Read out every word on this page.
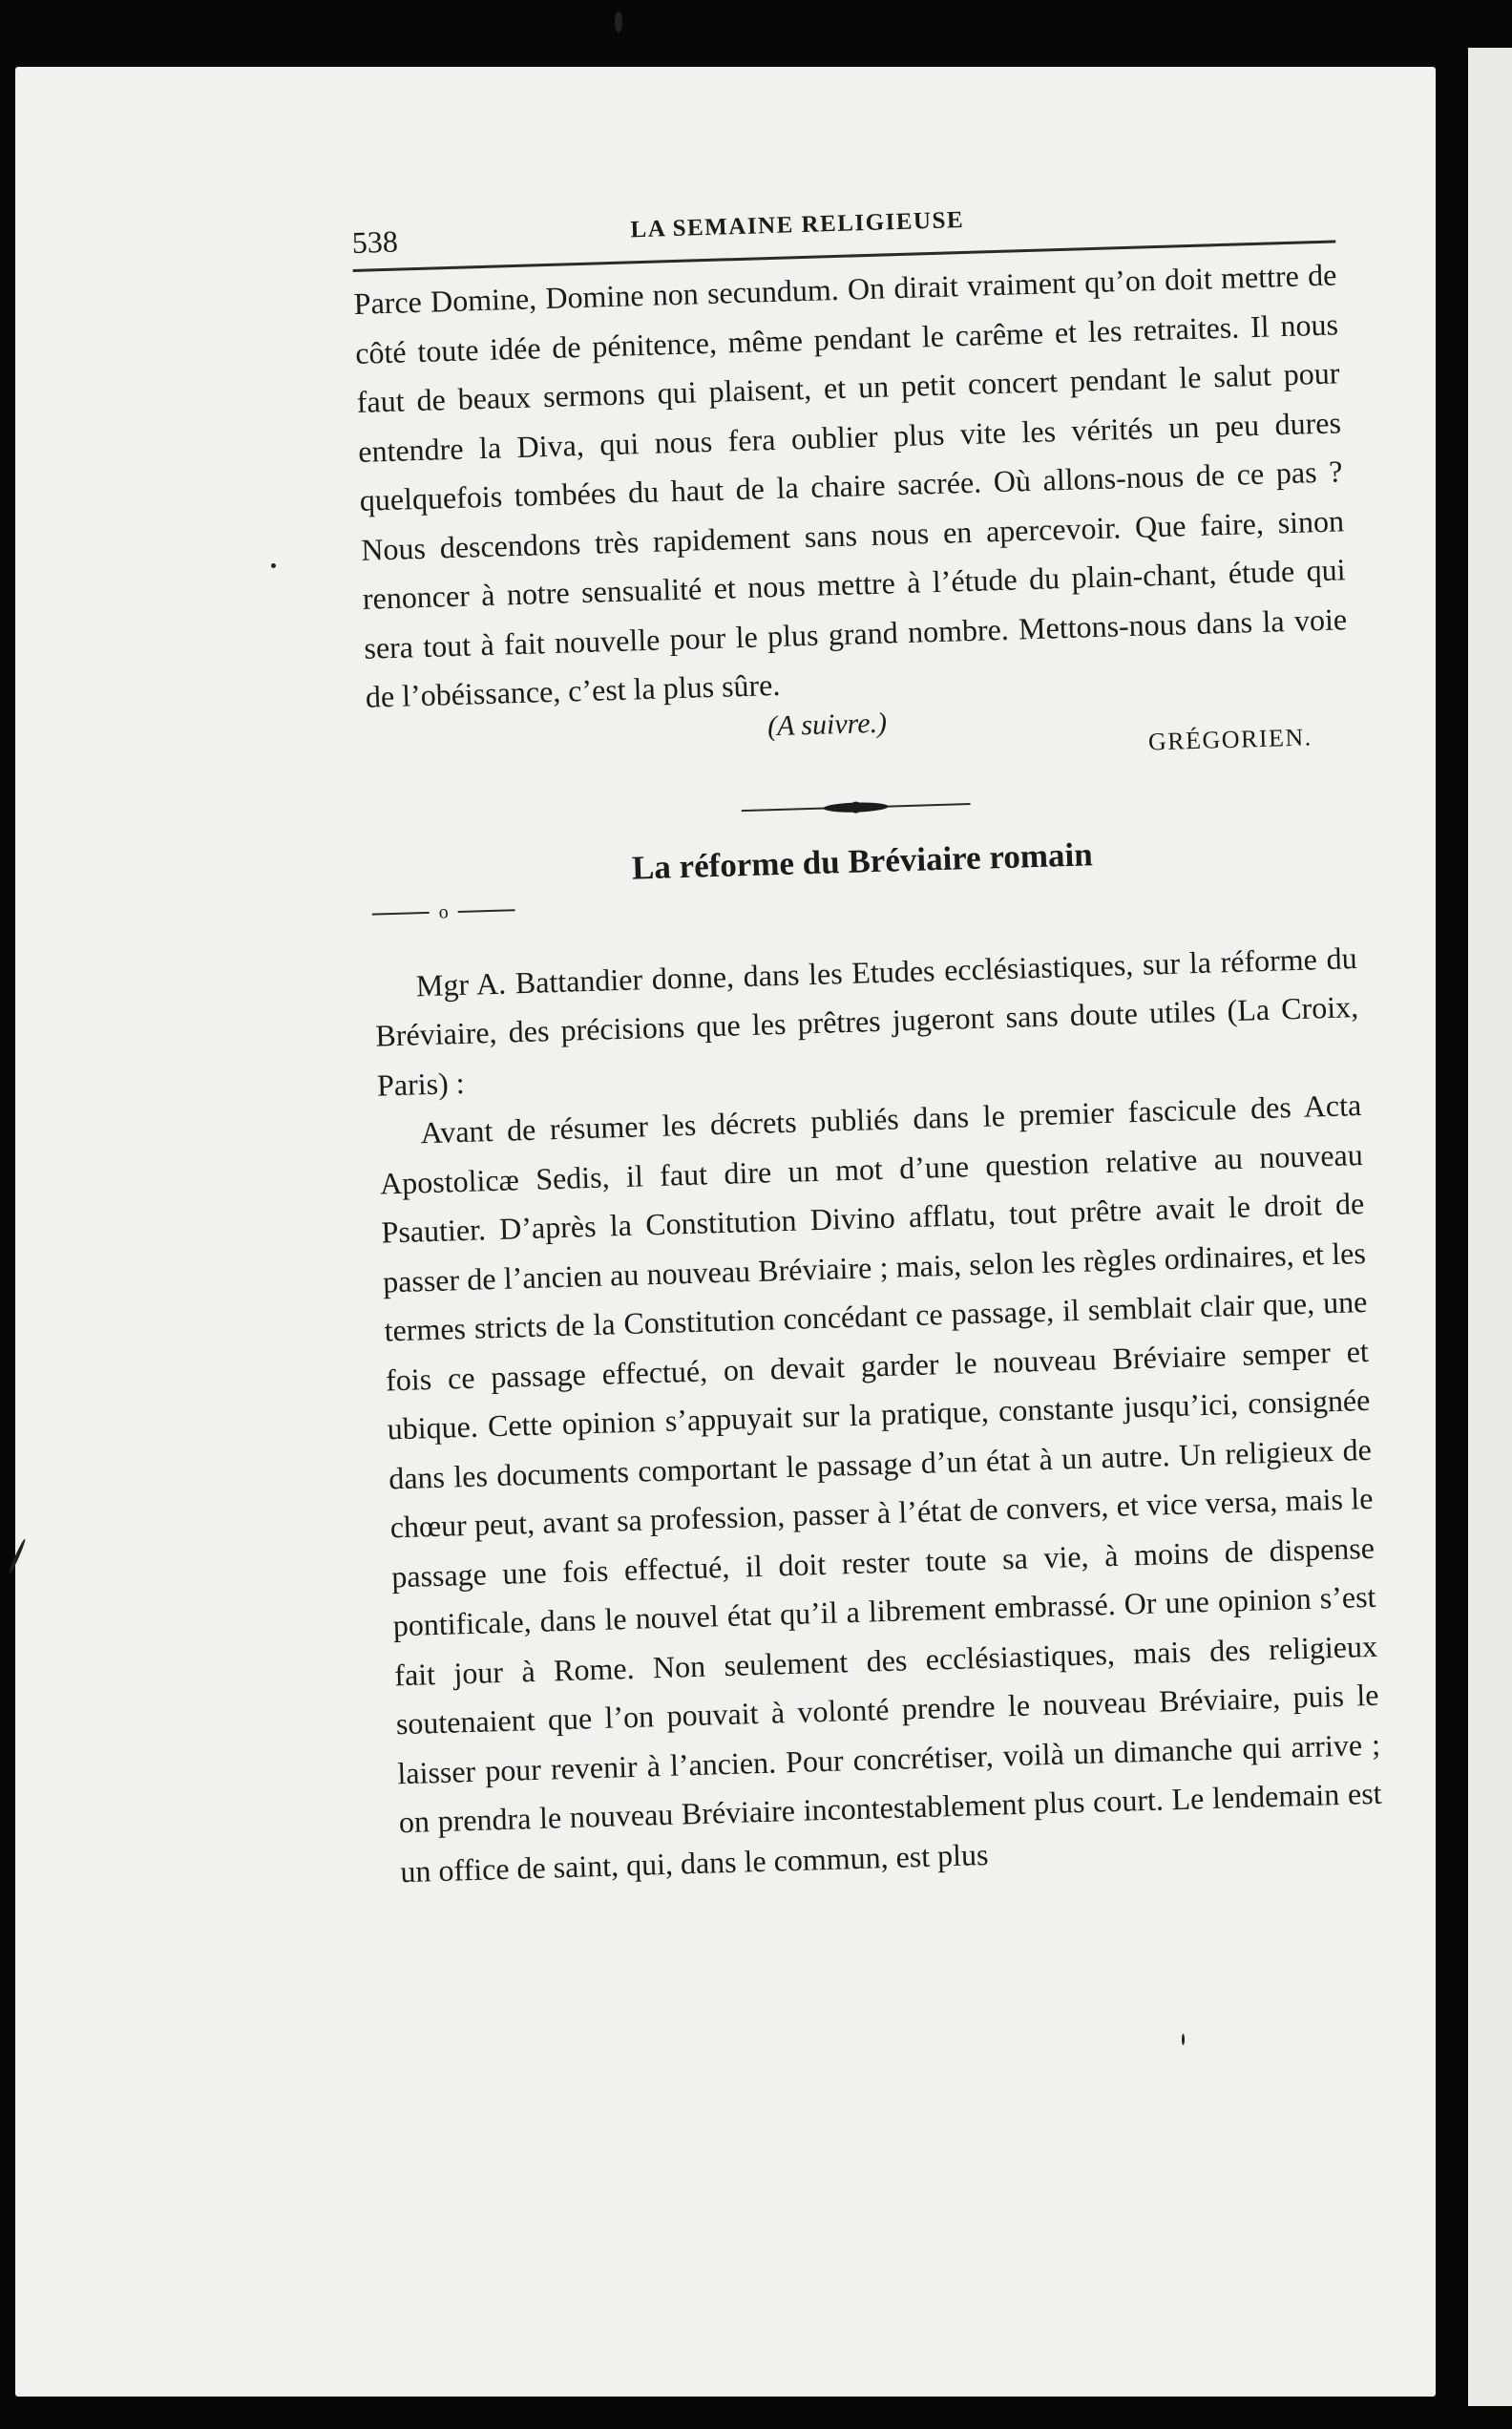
538	LA SEMAINE RELIGIEUSE

Parce Domine, Domine non secundum. On dirait vraiment qu’on doit mettre de côté toute idée de pénitence, même pendant le carême et les retraites. Il nous faut de beaux sermons qui plaisent, et un petit concert pendant le salut pour entendre la Diva, qui nous fera oublier plus vite les vérités un peu dures quelquefois tombées du haut de la chaire sacrée. Où allons-nous de ce pas ? Nous descendons très rapidement sans nous en apercevoir. Que faire, sinon renoncer à notre sensualité et nous mettre à l’étude du plain-chant, étude qui sera tout à fait nouvelle pour le plus grand nombre. Mettons-nous dans la voie de l’obéissance, c’est la plus sûre.

(A suivre.)	GRÉGORIEN.
La réforme du Bréviaire romain
o

Mgr A. Battandier donne, dans les Etudes ecclésiastiques, sur la réforme du Bréviaire, des précisions que les prêtres jugeront sans doute utiles (La Croix, Paris) :

Avant de résumer les décrets publiés dans le premier fascicule des Acta Apostolicæ Sedis, il faut dire un mot d’une question relative au nouveau Psautier. D’après la Constitution Divino afflatu, tout prêtre avait le droit de passer de l’ancien au nouveau Bréviaire ; mais, selon les règles ordinaires, et les termes stricts de la Constitution concédant ce passage, il semblait clair que, une fois ce passage effectué, on devait garder le nouveau Bréviaire semper et ubique. Cette opinion s’appuyait sur la pratique, constante jusqu’ici, consignée dans les documents comportant le passage d’un état à un autre. Un religieux de chœur peut, avant sa profession, passer à l’état de convers, et vice versa, mais le passage une fois effectué, il doit rester toute sa vie, à moins de dispense pontificale, dans le nouvel état qu’il a librement embrassé. Or une opinion s’est fait jour à Rome. Non seulement des ecclésiastiques, mais des religieux soutenaient que l’on pouvait à volonté prendre le nouveau Bréviaire, puis le laisser pour revenir à l’ancien. Pour concrétiser, voilà un dimanche qui arrive ; on prendra le nouveau Bréviaire incontestablement plus court. Le lendemain est un office de saint, qui, dans le commun, est plus
